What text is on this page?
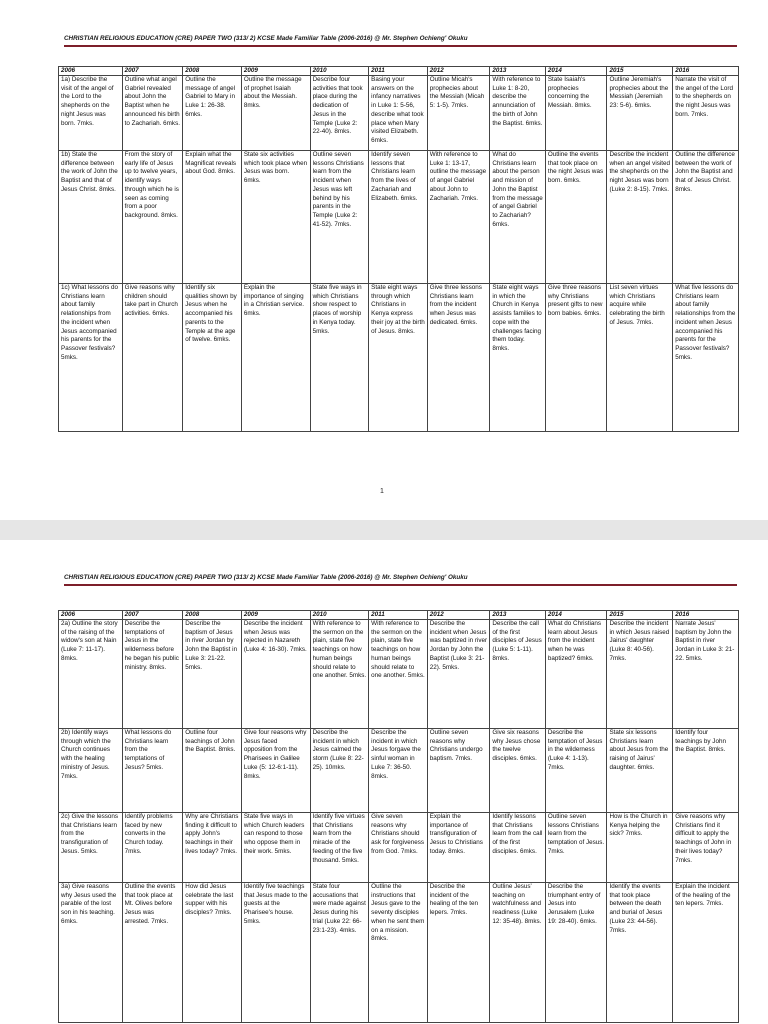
CHRISTIAN RELIGIOUS EDUCATION (CRE) PAPER TWO (313/ 2) KCSE Made Familiar Table (2006-2016) @ Mr. Stephen Ochieng' Okuku
2006	2007	2008	2009	2010	2011	2012	2013	2014	2015	2016
1a) Describe the visit of the angel of the Lord to the shepherds on the night Jesus was born. 7mks.	Outline what angel Gabriel revealed about John the Baptist when he announced his birth to Zachariah. 6mks.	Outline the message of angel Gabriel to Mary in Luke 1: 26-38. 6mks.	Outline the message of prophet Isaiah about the Messiah. 8mks.	Describe four activities that took place during the dedication of Jesus in the Temple (Luke 2: 22-40). 8mks.	Basing your answers on the infancy narratives in Luke 1: 5-56, describe what took place when Mary visited Elizabeth. 6mks.	Outline Micah's prophecies about the Messiah (Micah 5: 1-5). 7mks.	With reference to Luke 1: 8-20, describe the annunciation of the birth of John the Baptist. 6mks.	State Isaiah's prophecies concerning the Messiah. 8mks.	Outline Jeremiah's prophecies about the Messiah (Jeremiah 23: 5-6). 6mks.	Narrate the visit of the angel of the Lord to the shepherds on the night Jesus was born. 7mks.
1b) State the difference between the work of John the Baptist and that of Jesus Christ. 8mks.	From the story of early life of Jesus up to twelve years, identify ways through which he is seen as coming from a poor background. 8mks.	Explain what the Magnificat reveals about God. 8mks.	State six activities which took place when Jesus was born. 6mks.	Outline seven lessons Christians learn from the incident when Jesus was left behind by his parents in the Temple (Luke 2: 41-52). 7mks.	Identify seven lessons that Christians learn from the lives of Zachariah and Elizabeth. 6mks.	With reference to Luke 1: 13-17, outline the message of angel Gabriel about John to Zachariah. 7mks.	What do Christians learn about the person and mission of John the Baptist from the message of angel Gabriel to Zachariah? 6mks.	Outline the events that took place on the night Jesus was born. 6mks.	Describe the incident when an angel visited the shepherds on the night Jesus was born (Luke 2: 8-15). 7mks.	Outline the difference between the work of John the Baptist and that of Jesus Christ. 8mks.
1c) What lessons do Christians learn about family relationships from the incident when Jesus accompanied his parents for the Passover festivals? 5mks.	Give reasons why children should take part in Church activities. 6mks.	Identify six qualities shown by Jesus when he accompanied his parents to the Temple at the age of twelve. 6mks.	Explain the importance of singing in a Christian service. 6mks.	State five ways in which Christians show respect to places of worship in Kenya today. 5mks.	State eight ways through which Christians in Kenya express their joy at the birth of Jesus. 8mks.	Give three lessons Christians learn from the incident when Jesus was dedicated. 6mks.	State eight ways in which the Church in Kenya assists families to cope with the challenges facing them today. 8mks.	Give three reasons why Christians present gifts to new born babies. 6mks.	List seven virtues which Christians acquire while celebrating the birth of Jesus. 7mks.	What five lessons do Christians learn about family relationships from the incident when Jesus accompanied his parents for the Passover festivals? 5mks.
1
CHRISTIAN RELIGIOUS EDUCATION (CRE) PAPER TWO (313/ 2) KCSE Made Familiar Table (2006-2016) @ Mr. Stephen Ochieng' Okuku
2006	2007	2008	2009	2010	2011	2012	2013	2014	2015	2016
2a) Outline the story of the raising of the widow's son at Nain (Luke 7: 11-17). 8mks.	Describe the temptations of Jesus in the wilderness before he began his public ministry. 8mks.	Describe the baptism of Jesus in river Jordan by John the Baptist in Luke 3: 21-22. 5mks.	Describe the incident when Jesus was rejected in Nazareth (Luke 4: 16-30). 7mks.	With reference to the sermon on the plain, state five teachings on how human beings should relate to one another. 5mks.	With reference to the sermon on the plain, state five teachings on how human beings should relate to one another. 5mks.	Describe the incident when Jesus was baptized in river Jordan by John the Baptist (Luke 3: 21-22). 5mks.	Describe the call of the first disciples of Jesus (Luke 5: 1-11). 8mks.	What do Christians learn about Jesus from the incident when he was baptized? 6mks.	Describe the incident in which Jesus raised Jairus' daughter (Luke 8: 40-56). 7mks.	Narrate Jesus' baptism by John the Baptist in river Jordan in Luke 3: 21-22. 5mks.
2b) Identify ways through which the Church continues with the healing ministry of Jesus. 7mks.	What lessons do Christians learn from the temptations of Jesus? 5mks.	Outline four teachings of John the Baptist. 8mks.	Give four reasons why Jesus faced opposition from the Pharisees in Galilee Luke (5: 12-6:1-11). 8mks.	Describe the incident in which Jesus calmed the storm (Luke 8: 22-25). 10mks.	Describe the incident in which Jesus forgave the sinful woman in Luke 7: 36-50. 8mks.	Outline seven reasons why Christians undergo baptism. 7mks.	Give six reasons why Jesus chose the twelve disciples. 6mks.	Describe the temptation of Jesus in the wilderness (Luke 4: 1-13). 7mks.	State six lessons Christians learn about Jesus from the raising of Jairus' daughter. 6mks.	Identify four teachings by John the Baptist. 8mks.
2c) Give the lessons that Christians learn from the transfiguration of Jesus. 5mks.	Identify problems faced by new converts in the Church today. 7mks.	Why are Christians finding it difficult to apply John's teachings in their lives today? 7mks.	State five ways in which Church leaders can respond to those who oppose them in their work. 5mks.	Identify five virtues that Christians learn from the miracle of the feeding of the five thousand. 5mks.	Give seven reasons why Christians should ask for forgiveness from God. 7mks.	Explain the importance of transfiguration of Jesus to Christians today. 8mks.	Identify lessons that Christians learn from the call of the first disciples. 6mks.	Outline seven lessons Christians learn from the temptation of Jesus. 7mks.	How is the Church in Kenya helping the sick? 7mks.	Give reasons why Christians find it difficult to apply the teachings of John in their lives today? 7mks.
3a) Give reasons why Jesus used the parable of the lost son in his teaching. 6mks.	Outline the events that took place at Mt. Olives before Jesus was arrested. 7mks.	How did Jesus celebrate the last supper with his disciples? 7mks.	Identify five teachings that Jesus made to the guests at the Pharisee's house. 5mks.	State four accusations that were made against Jesus during his trial (Luke 22: 66-23:1-23). 4mks.	Outline the instructions that Jesus gave to the seventy disciples when he sent them on a mission. 8mks.	Describe the incident of the healing of the ten lepers. 7mks.	Outline Jesus' teaching on watchfulness and readiness (Luke 12: 35-48). 8mks.	Describe the triumphant entry of Jesus into Jerusalem (Luke 19: 28-40). 6mks.	Identify the events that took place between the death and burial of Jesus (Luke 23: 44-56). 7mks.	Explain the incident of the healing of the ten lepers. 7mks.
